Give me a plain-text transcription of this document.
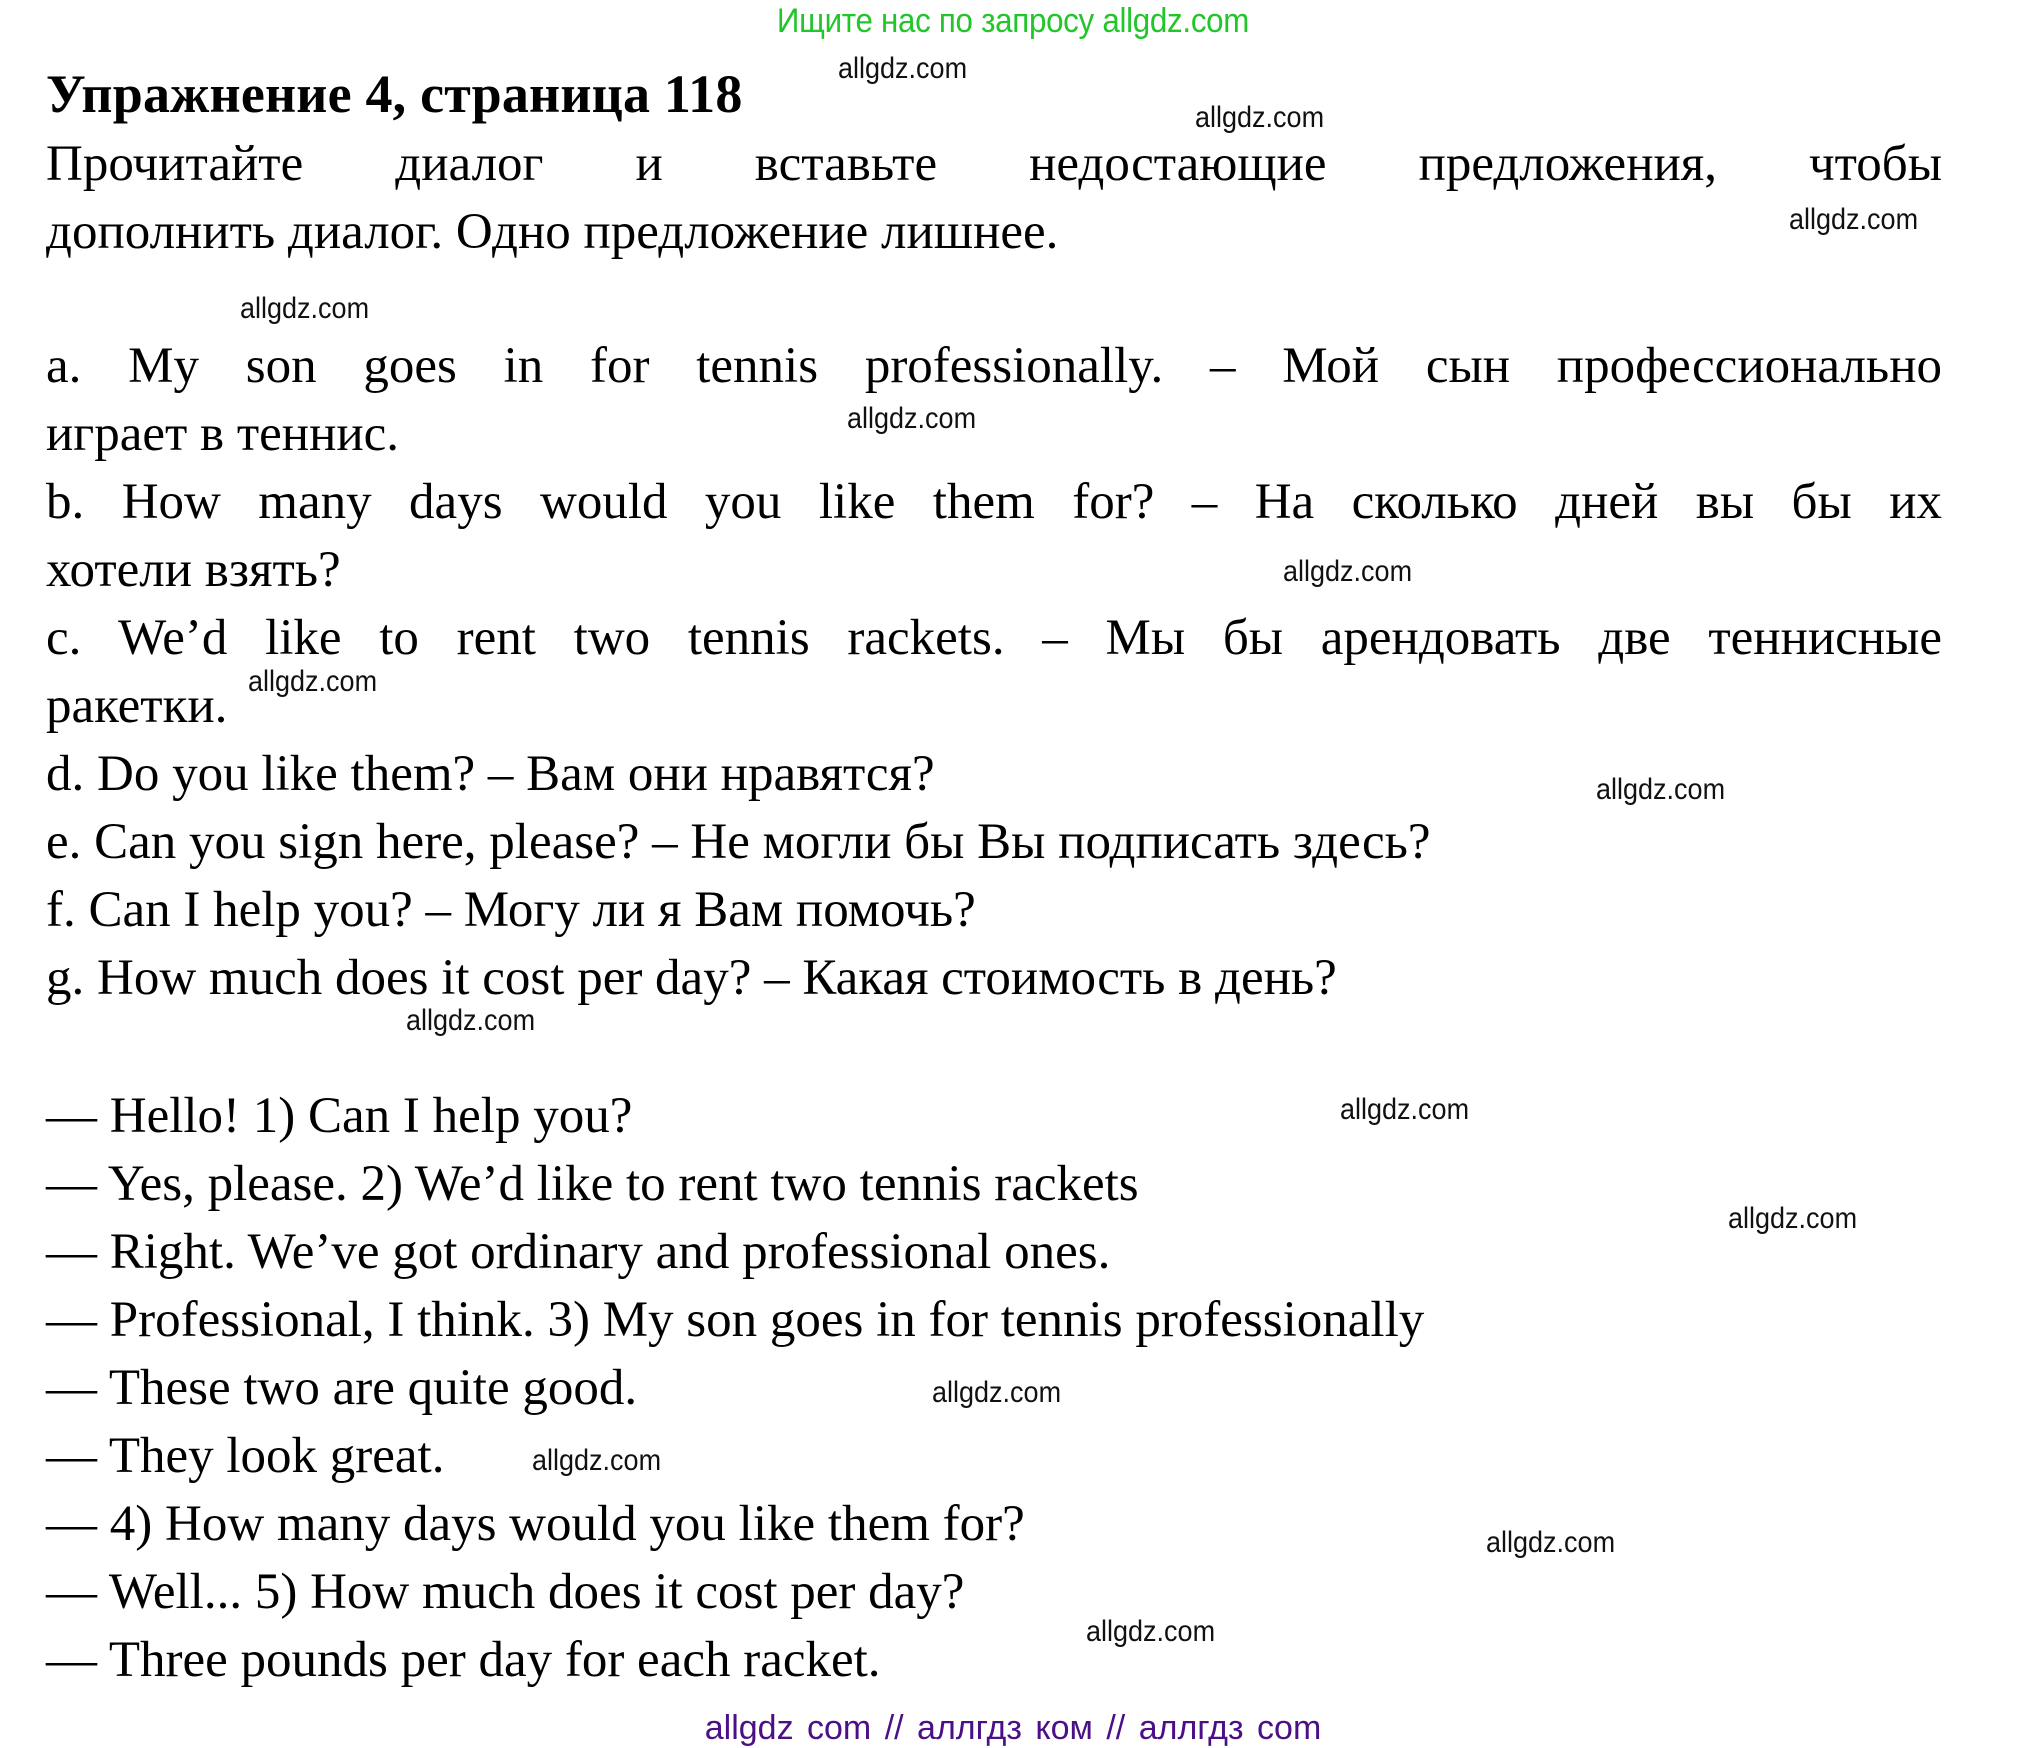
Ищите нас по запросу allgdz.com
Упражнение 4, страница 118

Прочитайте диалог и вставьте недостающие предложения, чтобы

дополнить диалог. Одно предложение лишнее.

a. My son goes in for tennis professionally. – Мой сын профессионально

играет в теннис.

b. How many days would you like them for? – На сколько дней вы бы их

хотели взять?

c. We’d like to rent two tennis rackets. – Мы бы арендовать две теннисные

ракетки.

d. Do you like them? – Вам они нравятся?

e. Can you sign here, please? – Не могли бы Вы подписать здесь?

f. Can I help you? – Могу ли я Вам помочь?

g. How much does it cost per day? – Какая стоимость в день?

— Hello! 1) Can I help you?

— Yes, please. 2) We’d like to rent two tennis rackets

— Right. We’ve got ordinary and professional ones.

— Professional, I think. 3) My son goes in for tennis professionally

— These two are quite good.

— They look great.

— 4) How many days would you like them for?

— Well... 5) How much does it cost per day?

— Three pounds per day for each racket.

allgdz.com
allgdz.com
allgdz.com
allgdz.com
allgdz.com
allgdz.com
allgdz.com
allgdz.com
allgdz.com
allgdz.com
allgdz.com
allgdz.com
allgdz.com
allgdz.com
allgdz.com
allgdz com // аллгдз ком // аллгдз com
